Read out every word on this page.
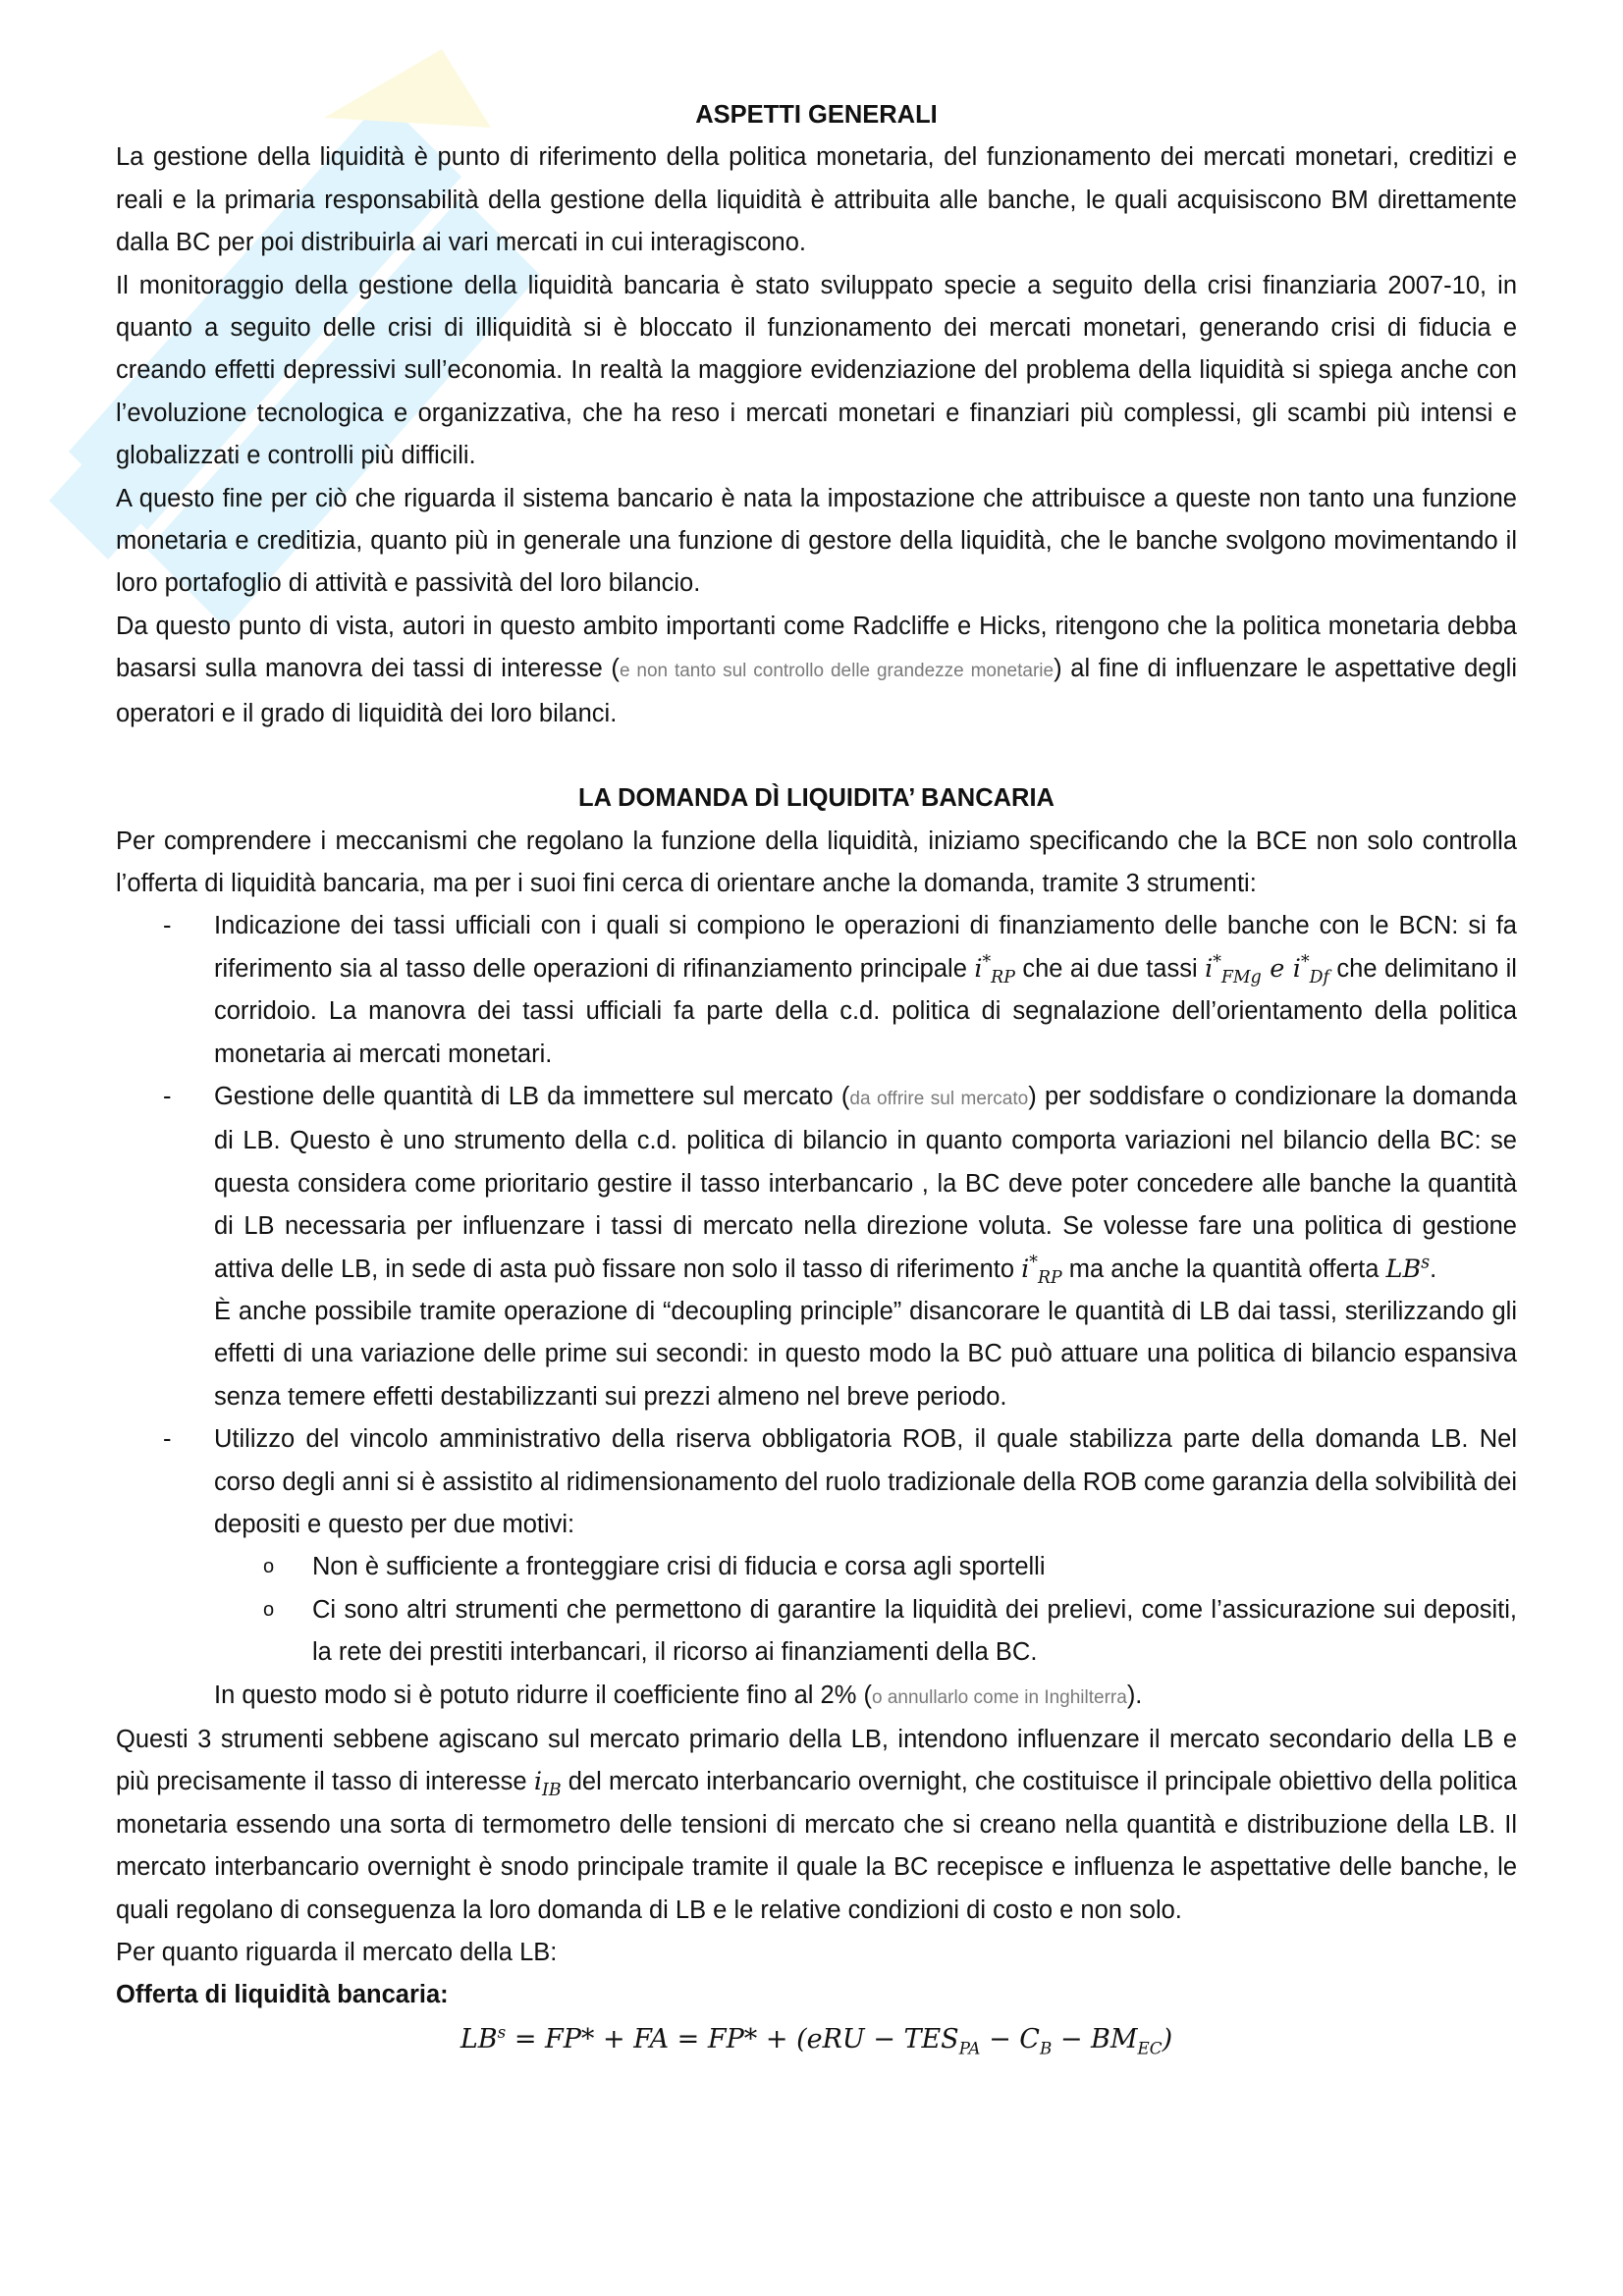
ASPETTI GENERALI

La gestione della liquidità è punto di riferimento della politica monetaria, del funzionamento dei mercati monetari, creditizi e reali e la primaria responsabilità della gestione della liquidità è attribuita alle banche, le quali acquisiscono BM direttamente dalla BC per poi distribuirla ai vari mercati in cui interagiscono.

Il monitoraggio della gestione della liquidità bancaria è stato sviluppato specie a seguito della crisi finanziaria 2007-10, in quanto a seguito delle crisi di illiquidità si è bloccato il funzionamento dei mercati monetari, generando crisi di fiducia e creando effetti depressivi sull’economia. In realtà la maggiore evidenziazione del problema della liquidità si spiega anche con l’evoluzione tecnologica e organizzativa, che ha reso i mercati monetari e finanziari più complessi, gli scambi più intensi e globalizzati e controlli più difficili.

A questo fine per ciò che riguarda il sistema bancario è nata la impostazione che attribuisce a queste non tanto una funzione monetaria e creditizia, quanto più in generale una funzione di gestore della liquidità, che le banche svolgono movimentando il loro portafoglio di attività e passività del loro bilancio.

Da questo punto di vista, autori in questo ambito importanti come Radcliffe e Hicks, ritengono che la politica monetaria debba basarsi sulla manovra dei tassi di interesse (e non tanto sul controllo delle grandezze monetarie) al fine di influenzare le aspettative degli operatori e il grado di liquidità dei loro bilanci.

LA DOMANDA DÌ LIQUIDITA’ BANCARIA

Per comprendere i meccanismi che regolano la funzione della liquidità, iniziamo specificando che la BCE non solo controlla l’offerta di liquidità bancaria, ma per i suoi fini cerca di orientare anche la domanda, tramite 3 strumenti:

- Indicazione dei tassi ufficiali con i quali si compiono le operazioni di finanziamento delle banche con le BCN: si fa riferimento sia al tasso delle operazioni di rifinanziamento principale $i^*_{RP}$ che ai due tassi $i^*_{FMg}$ e $i^*_{Df}$ che delimitano il corridoio. La manovra dei tassi ufficiali fa parte della c.d. politica di segnalazione dell’orientamento della politica monetaria ai mercati monetari.
- Gestione delle quantità di LB da immettere sul mercato (da offrire sul mercato) per soddisfare o condizionare la domanda di LB. Questo è uno strumento della c.d. politica di bilancio in quanto comporta variazioni nel bilancio della BC: se questa considera come prioritario gestire il tasso interbancario , la BC deve poter concedere alle banche la quantità di LB necessaria per influenzare i tassi di mercato nella direzione voluta. Se volesse fare una politica di gestione attiva delle LB, in sede di asta può fissare non solo il tasso di riferimento $i^*_{RP}$ ma anche la quantità offerta $LB^s$.
È anche possibile tramite operazione di “decoupling principle” disancorare le quantità di LB dai tassi, sterilizzando gli effetti di una variazione delle prime sui secondi: in questo modo la BC può attuare una politica di bilancio espansiva senza temere effetti destabilizzanti sui prezzi almeno nel breve periodo.
- Utilizzo del vincolo amministrativo della riserva obbligatoria ROB, il quale stabilizza parte della domanda LB. Nel corso degli anni si è assistito al ridimensionamento del ruolo tradizionale della ROB come garanzia della solvibilità dei depositi e questo per due motivi:
o Non è sufficiente a fronteggiare crisi di fiducia e corsa agli sportelli
o Ci sono altri strumenti che permettono di garantire la liquidità dei prelievi, come l’assicurazione sui depositi, la rete dei prestiti interbancari, il ricorso ai finanziamenti della BC.

In questo modo si è potuto ridurre il coefficiente fino al 2% (o annullarlo come in Inghilterra).

Questi 3 strumenti sebbene agiscano sul mercato primario della LB, intendono influenzare il mercato secondario della LB e più precisamente il tasso di interesse $i_{IB}$ del mercato interbancario overnight, che costituisce il principale obiettivo della politica monetaria essendo una sorta di termometro delle tensioni di mercato che si creano nella quantità e distribuzione della LB. Il mercato interbancario overnight è snodo principale tramite il quale la BC recepisce e influenza le aspettative delle banche, le quali regolano di conseguenza la loro domanda di LB e le relative condizioni di costo e non solo.

Per quanto riguarda il mercato della LB:

Offerta di liquidità bancaria:

$LB^s = FP*$ + FA = $FP* + (eRU - TES_{PA} - C_B - BM_{EC})$
